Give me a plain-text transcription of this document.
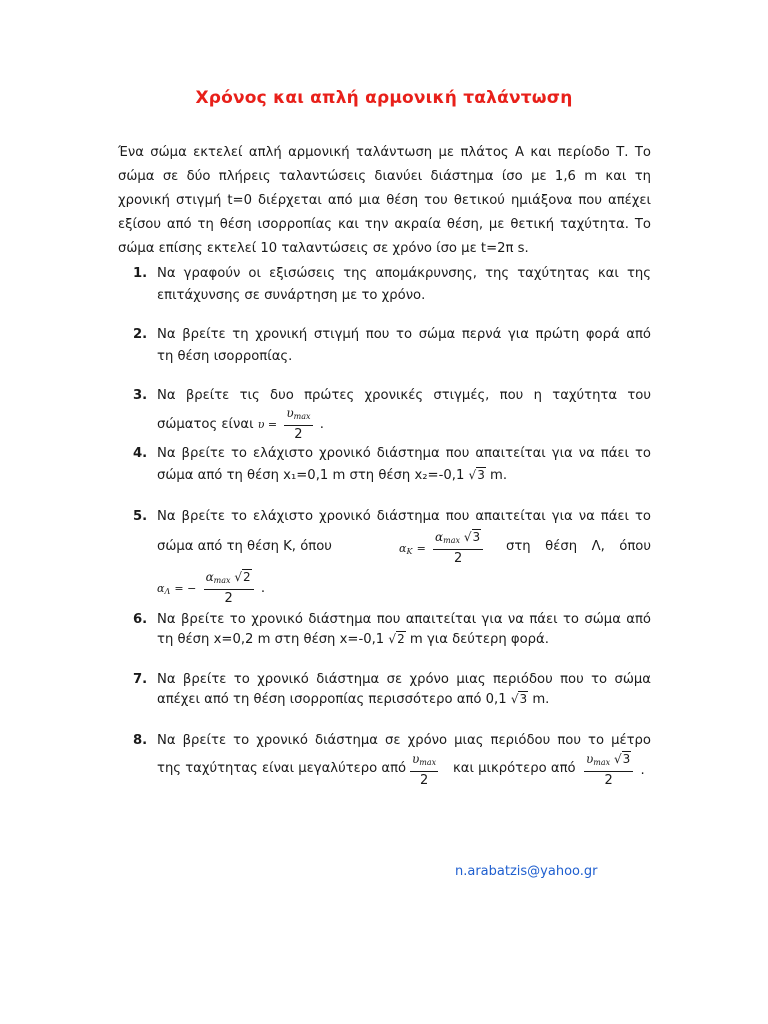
Χρόνος και απλή αρμονική ταλάντωση
Ένα σώμα εκτελεί απλή αρμονική ταλάντωση με πλάτος Α και περίοδο Τ. Το
σώμα σε δύο πλήρεις ταλαντώσεις διανύει διάστημα ίσο με 1,6 m και τη
χρονική στιγμή t=0 διέρχεται από μια θέση του θετικού ημιάξονα που απέχει
εξίσου από τη θέση ισορροπίας και την ακραία θέση, με θετική ταχύτητα. Το
σώμα επίσης εκτελεί 10 ταλαντώσεις σε χρόνο ίσο με t=2π s.
1. Να γραφούν οι εξισώσεις της απομάκρυνσης, της ταχύτητας και της
επιτάχυνσης σε συνάρτηση με το χρόνο.
2. Να βρείτε τη χρονική στιγμή που το σώμα περνά για πρώτη φορά από
τη θέση ισορροπίας.
3. Να βρείτε τις δυο πρώτες χρονικές στιγμές, που η ταχύτητα του
σώματος είναι $\upsilon = \frac{\upsilon_{max}}{2}$ .
4. Να βρείτε το ελάχιστο χρονικό διάστημα που απαιτείται για να πάει το
σώμα από τη θέση x₁=0,1 m στη θέση x₂=-0,1 √3 m.
5. Να βρείτε το ελάχιστο χρονικό διάστημα που απαιτείται για να πάει το
σώμα από τη θέση Κ, όπου	$\alpha_K = \frac{\alpha_{max} √3}{2}$ στη θέση Λ, όπου
$\alpha_\Lambda$ = − $\frac{\alpha_{max} √2}{2}$ .
6. Να βρείτε το χρονικό διάστημα που απαιτείται για να πάει το σώμα από
τη θέση x=0,2 m στη θέση x=-0,1 √2 m για δεύτερη φορά.
7. Να βρείτε το χρονικό διάστημα σε χρόνο μιας περιόδου που το σώμα
απέχει από τη θέση ισορροπίας περισσότερο από 0,1 √3 m.
8. Να βρείτε το χρονικό διάστημα σε χρόνο μιας περιόδου που το μέτρο
της ταχύτητας είναι μεγαλύτερο από $\frac{\upsilon_{max}}{2}$ και μικρότερο από $\frac{\upsilon_{max} √3}{2}$ .
n.arabatzis@yahoo.gr
